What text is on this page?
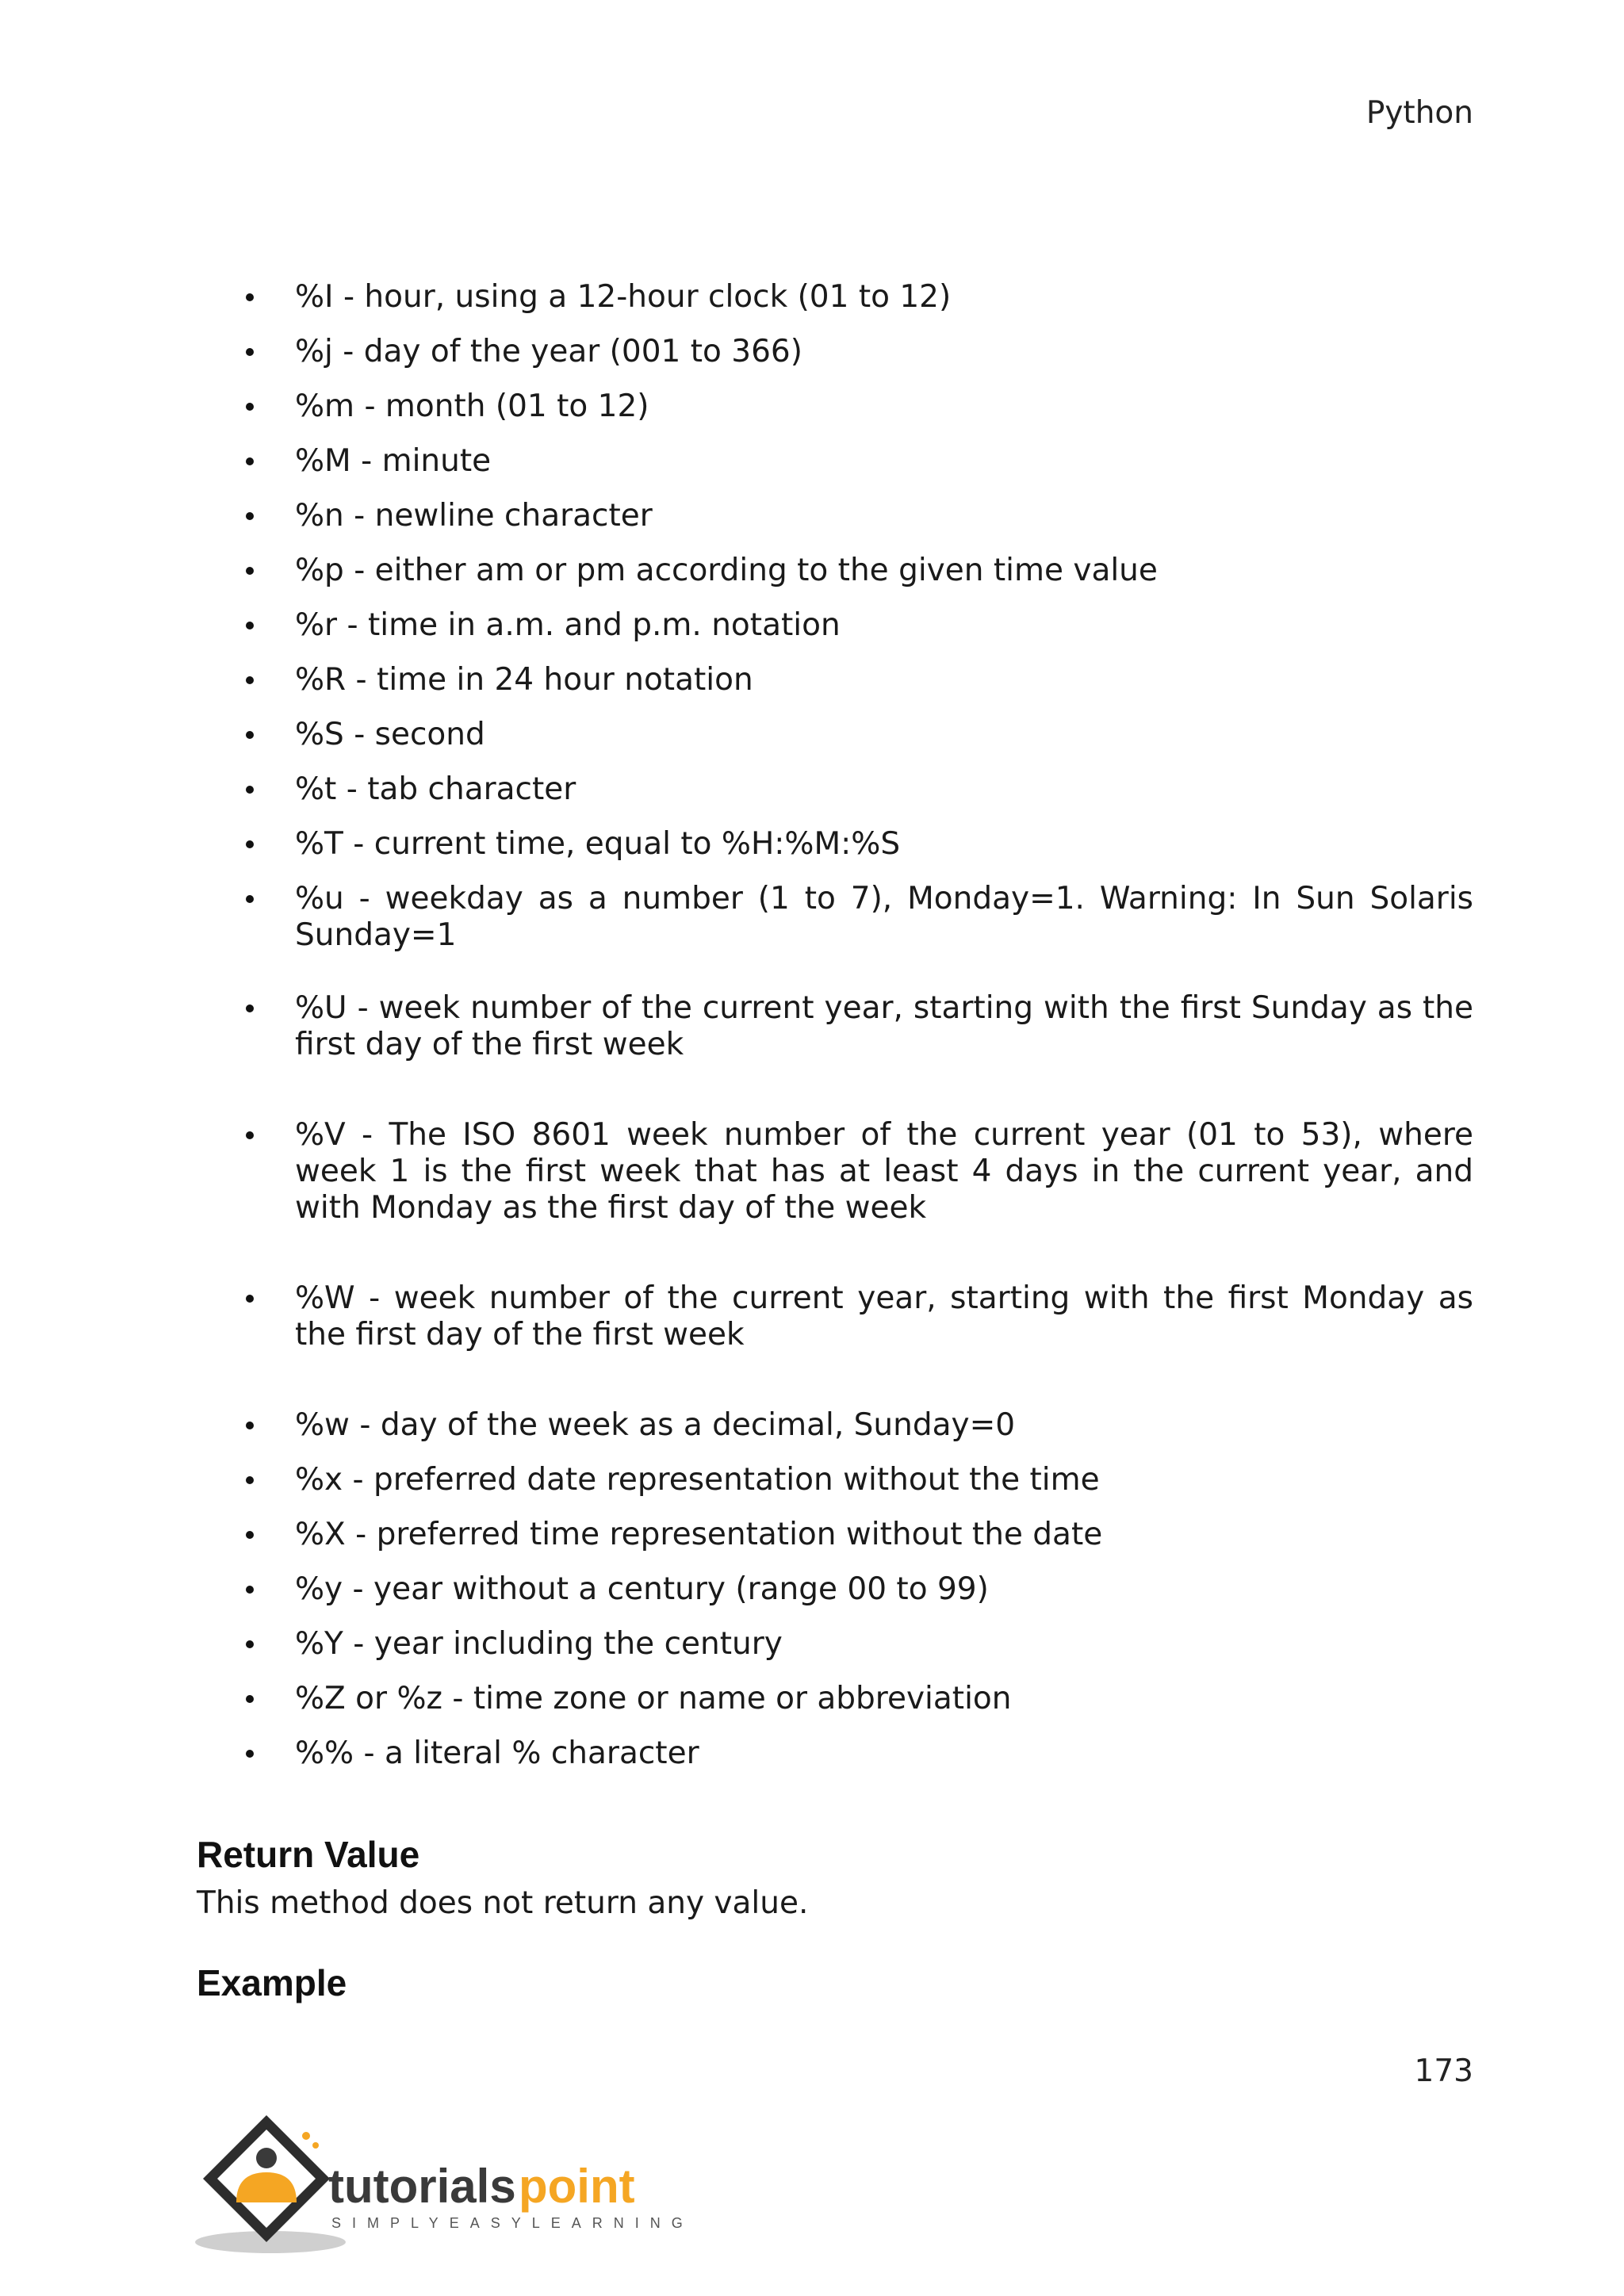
Python
%I - hour, using a 12-hour clock (01 to 12)
%j - day of the year (001 to 366)
%m - month (01 to 12)
%M - minute
%n - newline character
%p - either am or pm according to the given time value
%r - time in a.m. and p.m. notation
%R - time in 24 hour notation
%S - second
%t - tab character
%T - current time, equal to %H:%M:%S
%u - weekday as a number (1 to 7), Monday=1. Warning: In Sun Solaris Sunday=1
%U - week number of the current year, starting with the first Sunday as the first day of the first week
%V - The ISO 8601 week number of the current year (01 to 53), where week 1 is the first week that has at least 4 days in the current year, and with Monday as the first day of the week
%W - week number of the current year, starting with the first Monday as the first day of the first week
%w - day of the week as a decimal, Sunday=0
%x - preferred date representation without the time
%X - preferred time representation without the date
%y - year without a century (range 00 to 99)
%Y - year including the century
%Z or %z - time zone or name or abbreviation
%% - a literal % character
Return Value
This method does not return any value.
Example
173
tutorials point
SIMPLYEASYLEARNING
